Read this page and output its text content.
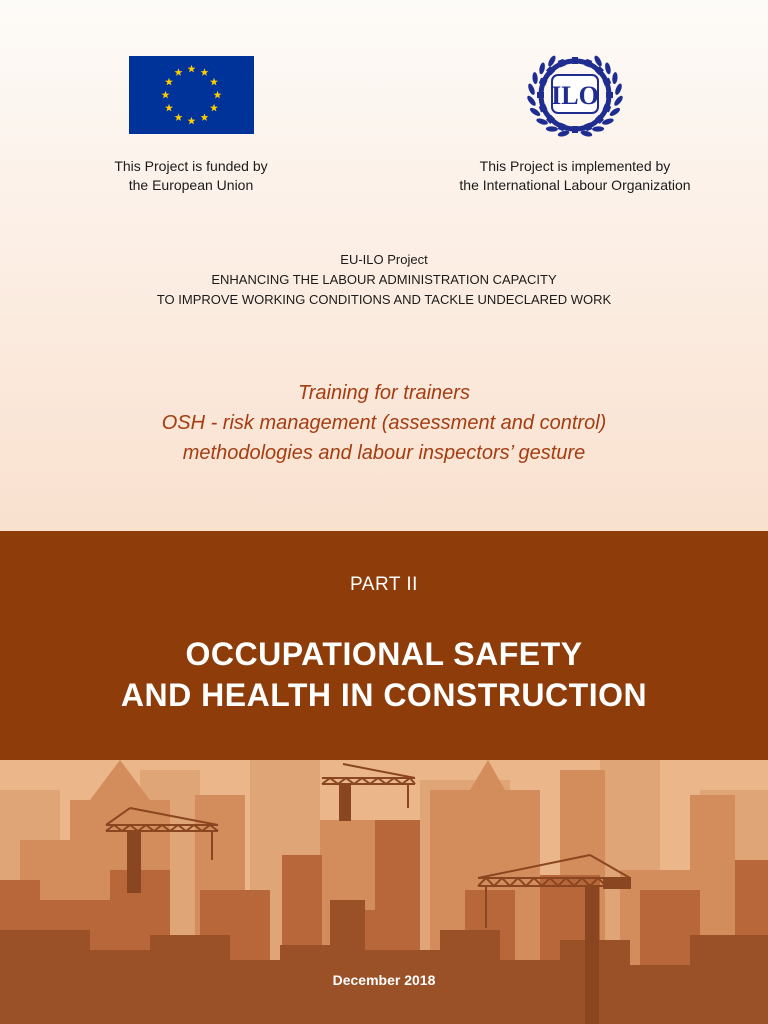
ILO
This Project is funded by
the European Union
This Project is implemented by
the International Labour Organization
EU-ILO Project
ENHANCING THE LABOUR ADMINISTRATION CAPACITY
TO IMPROVE WORKING CONDITIONS AND TACKLE UNDECLARED WORK
Training for trainers
OSH - risk management (assessment and control)
methodologies and labour inspectors’ gesture
PART II
OCCUPATIONAL SAFETY
AND HEALTH IN CONSTRUCTION
December 2018
